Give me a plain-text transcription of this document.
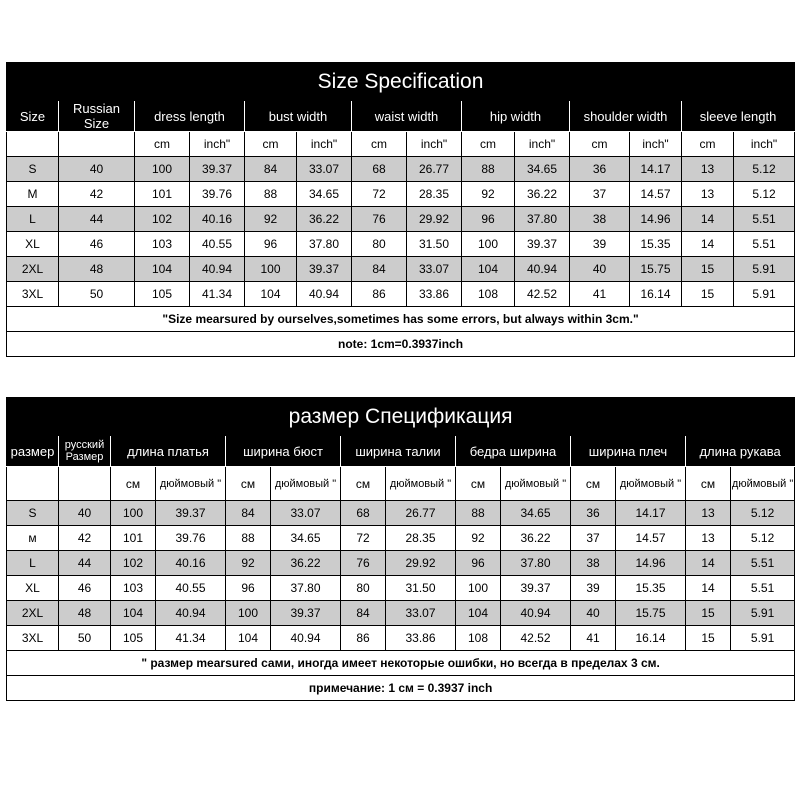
Size Specification													
Size	Russian Size	dress length		bust width		waist width		hip width		shoulder width		sleeve length	
		cm	inch"	cm	inch"	cm	inch"	cm	inch"	cm	inch"	cm	inch"
S	40	100	39.37	84	33.07	68	26.77	88	34.65	36	14.17	13	5.12
M	42	101	39.76	88	34.65	72	28.35	92	36.22	37	14.57	13	5.12
L	44	102	40.16	92	36.22	76	29.92	96	37.80	38	14.96	14	5.51
XL	46	103	40.55	96	37.80	80	31.50	100	39.37	39	15.35	14	5.51
2XL	48	104	40.94	100	39.37	84	33.07	104	40.94	40	15.75	15	5.91
3XL	50	105	41.34	104	40.94	86	33.86	108	42.52	41	16.14	15	5.91
"Size mearsured by ourselves,sometimes has some errors, but always within 3cm."													
note: 1cm=0.3937inch													
размер Спецификация													
размер	русский Размер	длина платья		ширина бюст		ширина талии		бедра ширина		ширина плеч		длина рукава	
		см	дюймовый "	см	дюймовый "	см	дюймовый "	см	дюймовый "	см	дюймовый "	см	дюймовый "
S	40	100	39.37	84	33.07	68	26.77	88	34.65	36	14.17	13	5.12
м	42	101	39.76	88	34.65	72	28.35	92	36.22	37	14.57	13	5.12
L	44	102	40.16	92	36.22	76	29.92	96	37.80	38	14.96	14	5.51
XL	46	103	40.55	96	37.80	80	31.50	100	39.37	39	15.35	14	5.51
2XL	48	104	40.94	100	39.37	84	33.07	104	40.94	40	15.75	15	5.91
3XL	50	105	41.34	104	40.94	86	33.86	108	42.52	41	16.14	15	5.91
" размер mearsured сами, иногда имеет некоторые ошибки, но всегда в пределах 3 см.													
примечание: 1 см = 0.3937 inch													
